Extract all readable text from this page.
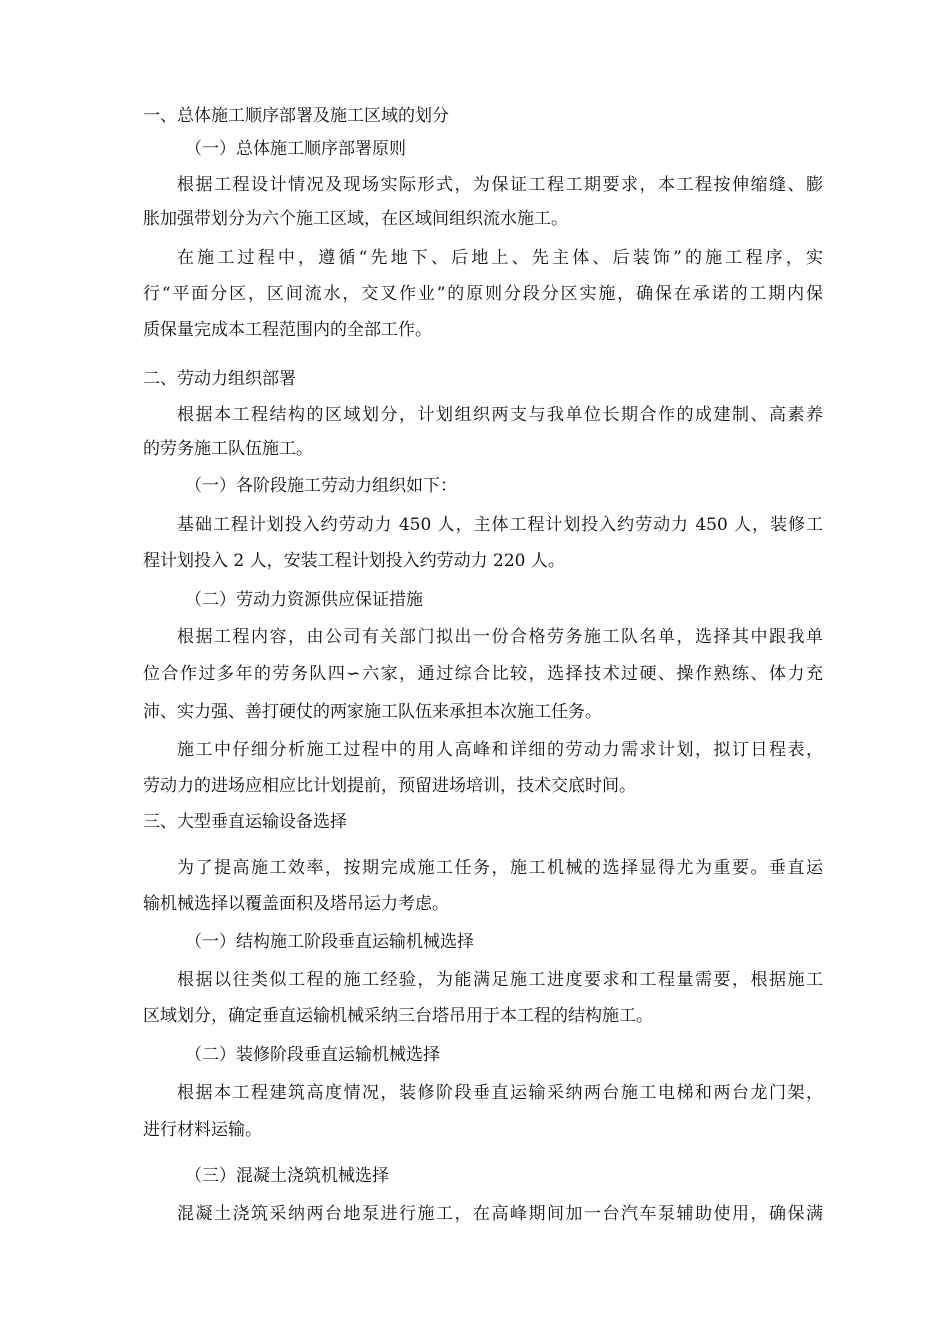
一、总体施工顺序部署及施工区域的划分
（一）总体施工顺序部署原则
根据工程设计情况及现场实际形式，为保证工程工期要求，本工程按伸缩缝、膨
胀加强带划分为六个施工区域，在区域间组织流水施工。
在施工过程中，遵循“先地下、后地上、先主体、后装饰”的施工程序，实
行“平面分区，区间流水，交叉作业”的原则分段分区实施，确保在承诺的工期内保
质保量完成本工程范围内的全部工作。
二、劳动力组织部署
根据本工程结构的区域划分，计划组织两支与我单位长期合作的成建制、高素养
的劳务施工队伍施工。
（一）各阶段施工劳动力组织如下：
基础工程计划投入约劳动力 450 人，主体工程计划投入约劳动力 450 人，装修工
程计划投入 2 人，安装工程计划投入约劳动力 220 人。
（二）劳动力资源供应保证措施
根据工程内容，由公司有关部门拟出一份合格劳务施工队名单，选择其中跟我单
位合作过多年的劳务队四∽六家，通过综合比较，选择技术过硬、操作熟练、体力充
沛、实力强、善打硬仗的两家施工队伍来承担本次施工任务。
施工中仔细分析施工过程中的用人高峰和详细的劳动力需求计划，拟订日程表，
劳动力的进场应相应比计划提前，预留进场培训，技术交底时间。
三、大型垂直运输设备选择
为了提高施工效率，按期完成施工任务，施工机械的选择显得尤为重要。垂直运
输机械选择以覆盖面积及塔吊运力考虑。
（一）结构施工阶段垂直运输机械选择
根据以往类似工程的施工经验，为能满足施工进度要求和工程量需要，根据施工
区域划分，确定垂直运输机械采纳三台塔吊用于本工程的结构施工。
（二）装修阶段垂直运输机械选择
根据本工程建筑高度情况，装修阶段垂直运输采纳两台施工电梯和两台龙门架，
进行材料运输。
（三）混凝土浇筑机械选择
混凝土浇筑采纳两台地泵进行施工，在高峰期间加一台汽车泵辅助使用，确保满
